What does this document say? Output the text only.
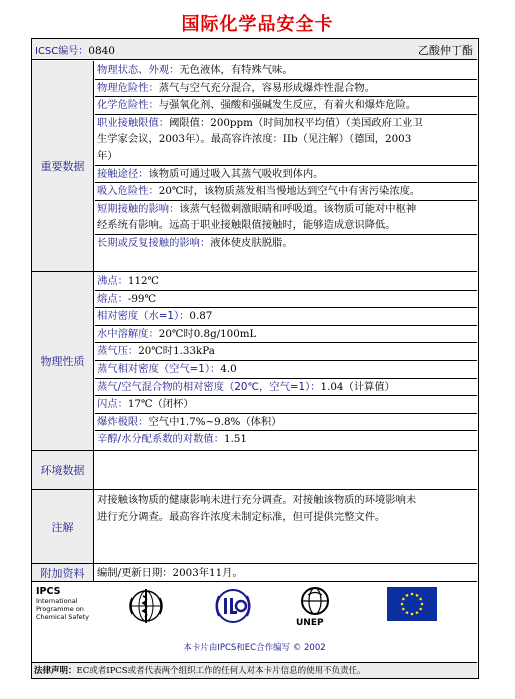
国际化学品安全卡
ICSC编号：0840	乙酸仲丁酯
重要数据
物理状态、外观：无色液体，有特殊气味。
物理危险性：蒸气与空气充分混合，容易形成爆炸性混合物。
化学危险性：与强氧化剂、强酸和强碱发生反应，有着火和爆炸危险。
职业接触限值：阈限值：200ppm（时间加权平均值）（美国政府工业卫
生学家会议，2003年）。最高容许浓度：IIb（见注解）（德国，2003
年）
接触途径：该物质可通过吸入其蒸气吸收到体内。
吸入危险性：20℃时，该物质蒸发相当慢地达到空气中有害污染浓度。
短期接触的影响：该蒸气轻微刺激眼睛和呼吸道。该物质可能对中枢神
经系统有影响。远高于职业接触限值接触时，能够造成意识降低。
长期或反复接触的影响：液体使皮肤脱脂。
物理性质
沸点：112℃
熔点：-99℃
相对密度（水=1）：0.87
水中溶解度：20℃时0.8g/100mL
蒸气压：20℃时1.33kPa
蒸气相对密度（空气=1）：4.0
蒸气/空气混合物的相对密度（20℃，空气=1）：1.04（计算值）
闪点：17℃（闭杯）
爆炸极限：空气中1.7%~9.8%（体积）
辛醇/水分配系数的对数值：1.51
环境数据
注解
对接触该物质的健康影响未进行充分调查。对接触该物质的环境影响未
进行充分调查。最高容许浓度未制定标准，但可提供完整文件。
附加资料	编制/更新日期：2003年11月。
IPCS
International
Programme on
Chemical Safety
UNEP
本卡片由IPCS和EC合作编写 © 2002
法律声明：EC或者IPCS或者代表两个组织工作的任何人对本卡片信息的使用不负责任。
